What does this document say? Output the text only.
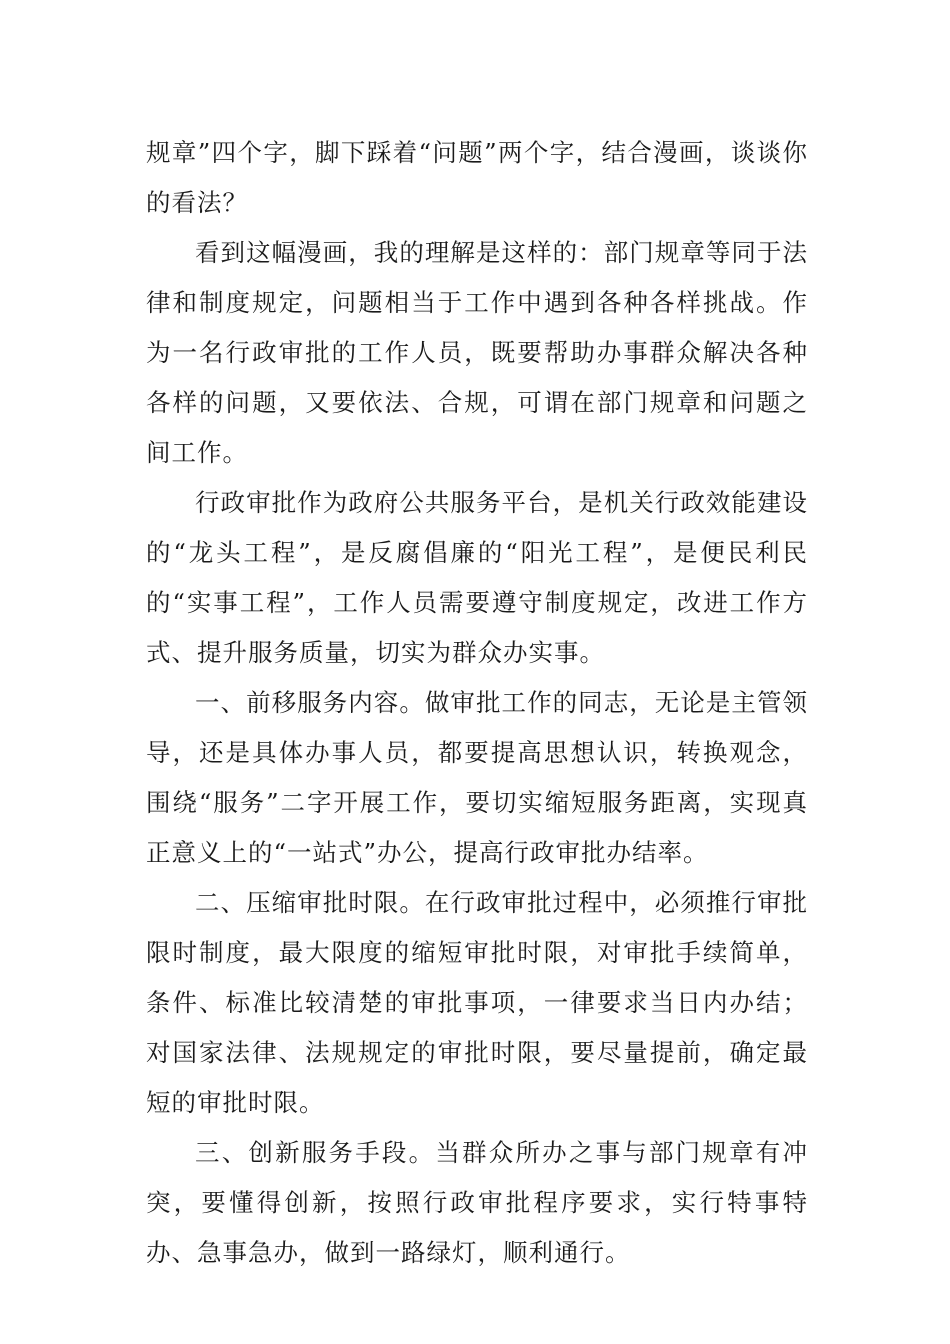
规章”四个字，脚下踩着“问题”两个字，结合漫画，谈谈你的看法？

看到这幅漫画，我的理解是这样的：部门规章等同于法律和制度规定，问题相当于工作中遇到各种各样挑战。作为一名行政审批的工作人员，既要帮助办事群众解决各种各样的问题，又要依法、合规，可谓在部门规章和问题之间工作。

行政审批作为政府公共服务平台，是机关行政效能建设的“龙头工程”，是反腐倡廉的“阳光工程”，是便民利民的“实事工程”，工作人员需要遵守制度规定，改进工作方式、提升服务质量，切实为群众办实事。

一、前移服务内容。做审批工作的同志，无论是主管领导，还是具体办事人员，都要提高思想认识，转换观念，围绕“服务”二字开展工作，要切实缩短服务距离，实现真正意义上的“一站式”办公，提高行政审批办结率。

二、压缩审批时限。在行政审批过程中，必须推行审批限时制度，最大限度的缩短审批时限，对审批手续简单，条件、标准比较清楚的审批事项，一律要求当日内办结；对国家法律、法规规定的审批时限，要尽量提前，确定最短的审批时限。

三、创新服务手段。当群众所办之事与部门规章有冲突，要懂得创新，按照行政审批程序要求，实行特事特办、急事急办，做到一路绿灯，顺利通行。
